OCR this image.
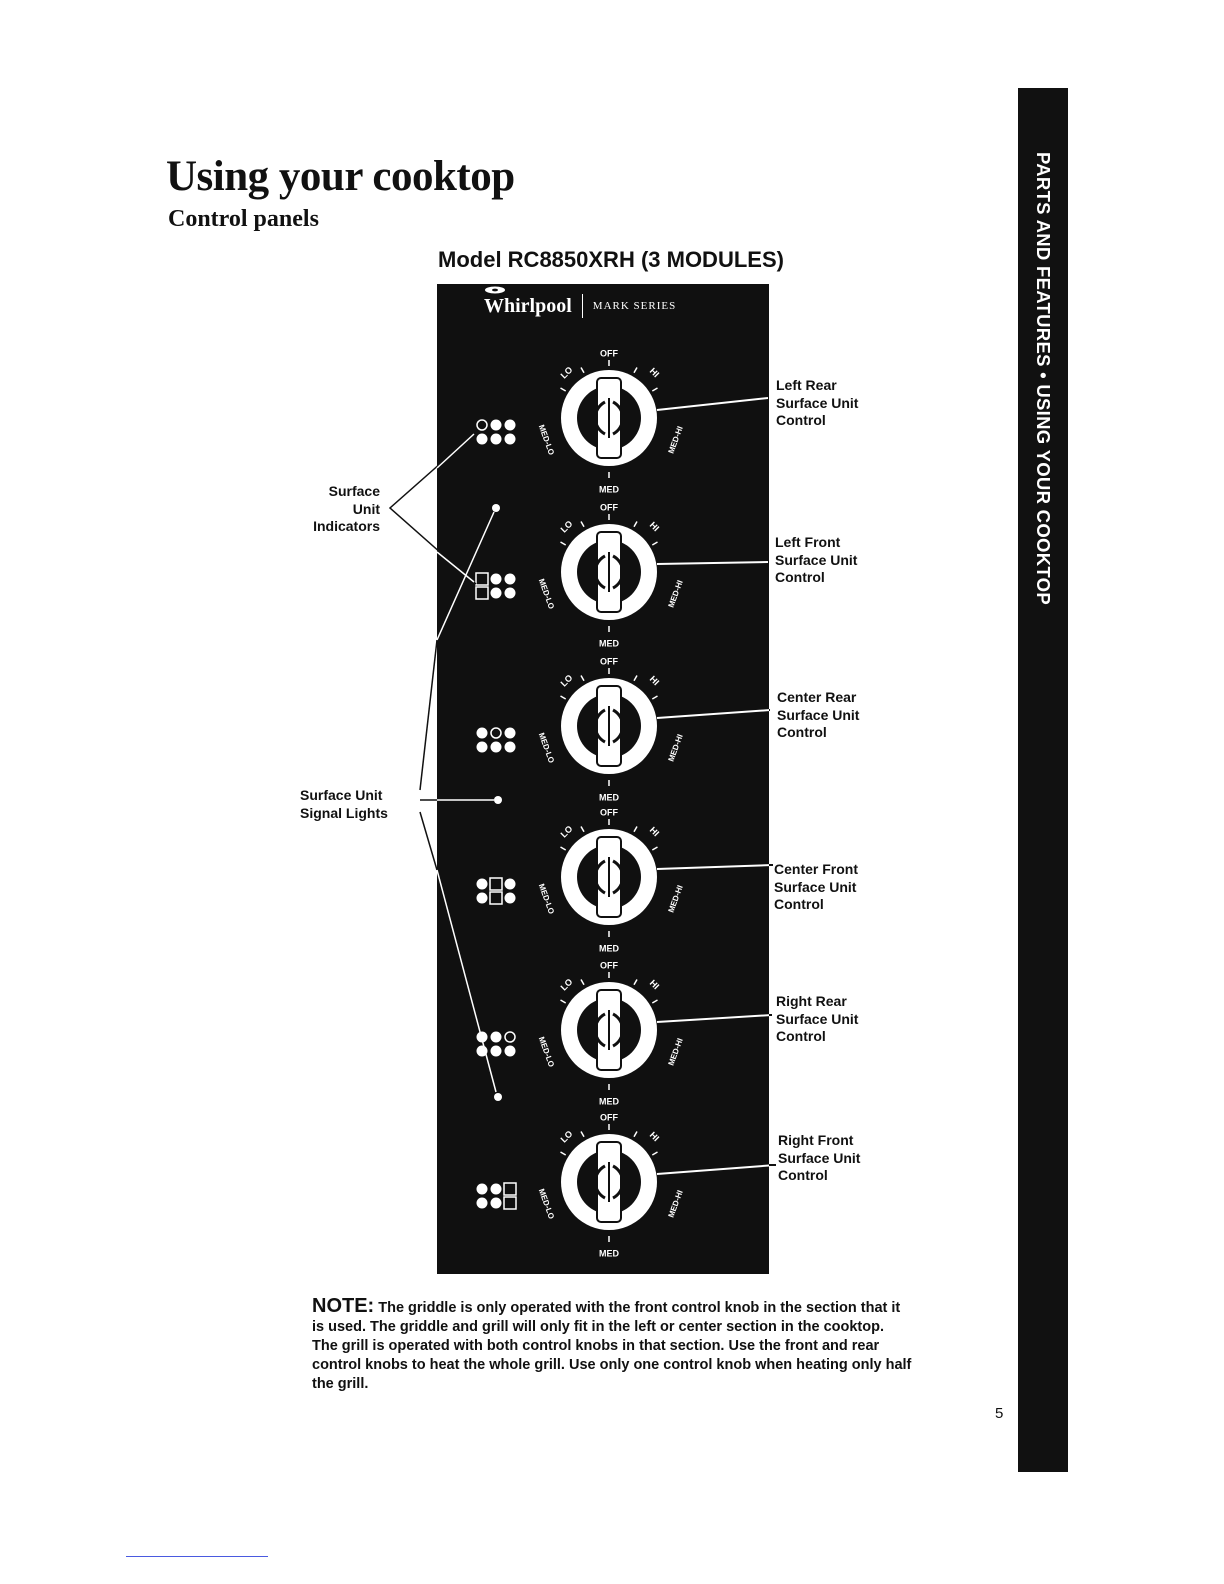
Using your cooktop
Control panels
Model RC8850XRH (3 MODULES)
Whirlpool MARK SERIES
OFF
MED
LO	HI
MED-LO	MED-HI
OFF
MED
LO	HI
MED-LO	MED-HI
OFF
MED
LO	HI
MED-LO	MED-HI
OFF
MED
LO	HI
MED-LO	MED-HI
OFF
MED
LO	HI
MED-LO	MED-HI
OFF
MED
LO	HI
MED-LO	MED-HI
Surface
Unit
Indicators
Surface Unit
Signal Lights
Left Rear
Surface Unit
Control
Left Front
Surface Unit
Control
Center Rear
Surface Unit
Control
Center Front
Surface Unit
Control
Right Rear
Surface Unit
Control
Right Front
Surface Unit
Control

NOTE: The griddle is only operated with the front control knob in the section that it is used. The griddle and grill will only fit in the left or center section in the cooktop. The grill is operated with both control knobs in that section. Use the front and rear control knobs to heat the whole grill. Use only one control knob when heating only half the grill.

PARTS AND FEATURES • USING YOUR COOKTOP
5
